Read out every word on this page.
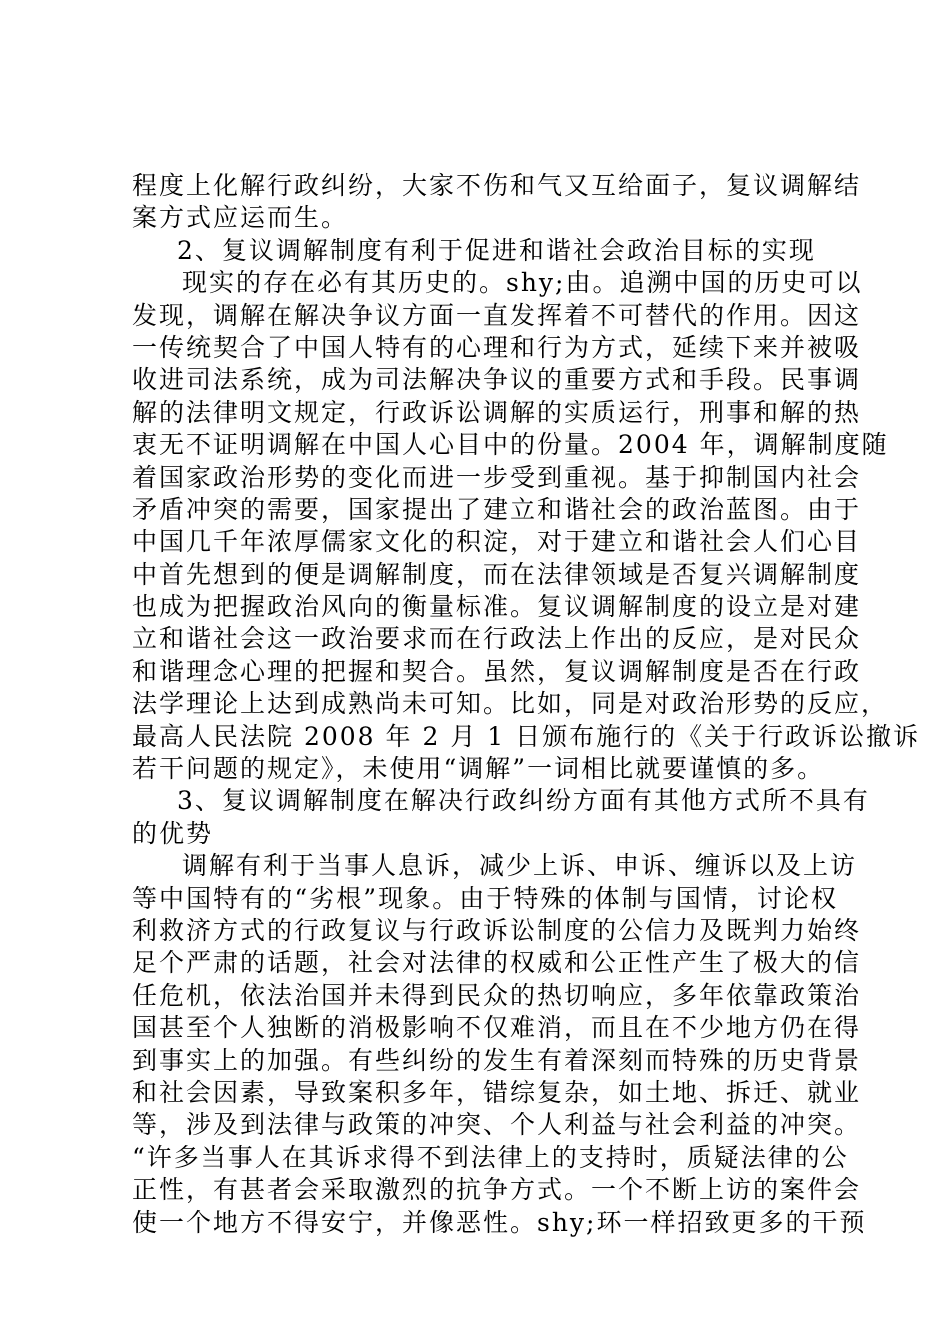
程度上化解行政纠纷，大家不伤和气又互给面子，复议调解结
案方式应运而生。
2、复议调解制度有利于促进和谐社会政治目标的实现
现实的存在必有其历史的。shy;由。追溯中国的历史可以
发现，调解在解决争议方面一直发挥着不可替代的作用。因这
一传统契合了中国人特有的心理和行为方式，延续下来并被吸
收进司法系统，成为司法解决争议的重要方式和手段。民事调
解的法律明文规定，行政诉讼调解的实质运行，刑事和解的热
衷无不证明调解在中国人心目中的份量。2004 年，调解制度随
着国家政治形势的变化而进一步受到重视。基于抑制国内社会
矛盾冲突的需要，国家提出了建立和谐社会的政治蓝图。由于
中国几千年浓厚儒家文化的积淀，对于建立和谐社会人们心目
中首先想到的便是调解制度，而在法律领域是否复兴调解制度
也成为把握政治风向的衡量标准。复议调解制度的设立是对建
立和谐社会这一政治要求而在行政法上作出的反应，是对民众
和谐理念心理的把握和契合。虽然，复议调解制度是否在行政
法学理论上达到成熟尚未可知。比如，同是对政治形势的反应，
最高人民法院 2008 年 2 月 1 日颁布施行的《关于行政诉讼撤诉
若干问题的规定》，未使用“调解”一词相比就要谨慎的多。
3、复议调解制度在解决行政纠纷方面有其他方式所不具有
的优势
调解有利于当事人息诉，减少上诉、申诉、缠诉以及上访
等中国特有的“劣根”现象。由于特殊的体制与国情，讨论权
利救济方式的行政复议与行政诉讼制度的公信力及既判力始终
足个严肃的话题，社会对法律的权威和公正性产生了极大的信
任危机，依法治国并未得到民众的热切响应，多年依靠政策治
国甚至个人独断的消极影响不仅难消，而且在不少地方仍在得
到事实上的加强。有些纠纷的发生有着深刻而特殊的历史背景
和社会因素，导致案积多年，错综复杂，如土地、拆迁、就业
等，涉及到法律与政策的冲突、个人利益与社会利益的冲突。
“许多当事人在其诉求得不到法律上的支持时，质疑法律的公
正性，有甚者会采取激烈的抗争方式。一个不断上访的案件会
使一个地方不得安宁，并像恶性。shy;环一样招致更多的干预
